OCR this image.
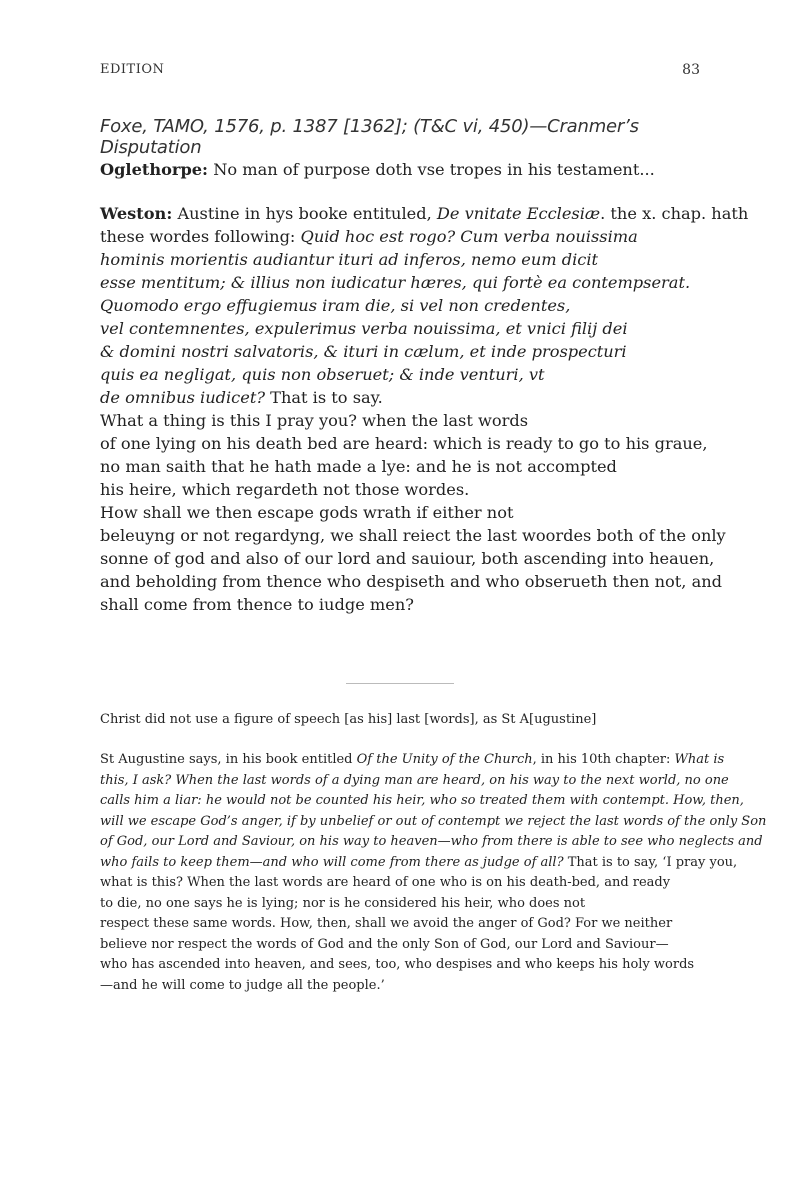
EDITION	83
Foxe, TAMO, 1576, p. 1387 [1362]; (T&C vi, 450)—Cranmer’s Disputation
Oglethorpe: No man of purpose doth vse tropes in his testament...
Weston: Austine in hys booke entituled, De vnitate Ecclesiæ. the x. chap. hath
these wordes following: Quid hoc est rogo? Cum verba nouissima
hominis morientis audiantur ituri ad inferos, nemo eum dicit
esse mentitum; & illius non iudicatur hæres, qui fortè ea contempserat.
Quomodo ergo effugiemus iram die, si vel non credentes,
vel contemnentes, expulerimus verba nouissima, et vnici filij dei
& domini nostri salvatoris, & ituri in cælum, et inde prospecturi
quis ea negligat, quis non obseruet; & inde venturi, vt
de omnibus iudicet? That is to say.
What a thing is this I pray you? when the last words
of one lying on his death bed are heard: which is ready to go to his graue,
no man saith that he hath made a lye: and he is not accompted
his heire, which regardeth not those wordes.
How shall we then escape gods wrath if either not
beleuyng or not regardyng, we shall reiect the last woordes both of the only
sonne of god and also of our lord and sauiour, both ascending into heauen,
and beholding from thence who despiseth and who obserueth then not, and
shall come from thence to iudge men?
Christ did not use a figure of speech [as his] last [words], as St A[ugustine]
St Augustine says, in his book entitled Of the Unity of the Church, in his 10th chapter: What is
this, I ask? When the last words of a dying man are heard, on his way to the next world, no one
calls him a liar: he would not be counted his heir, who so treated them with contempt. How, then,
will we escape God’s anger, if by unbelief or out of contempt we reject the last words of the only Son
of God, our Lord and Saviour, on his way to heaven—who from there is able to see who neglects and
who fails to keep them—and who will come from there as judge of all? That is to say, ‘I pray you,
what is this? When the last words are heard of one who is on his death-bed, and ready
to die, no one says he is lying; nor is he considered his heir, who does not
respect these same words. How, then, shall we avoid the anger of God? For we neither
believe nor respect the words of God and the only Son of God, our Lord and Saviour—
who has ascended into heaven, and sees, too, who despises and who keeps his holy words
—and he will come to judge all the people.’
